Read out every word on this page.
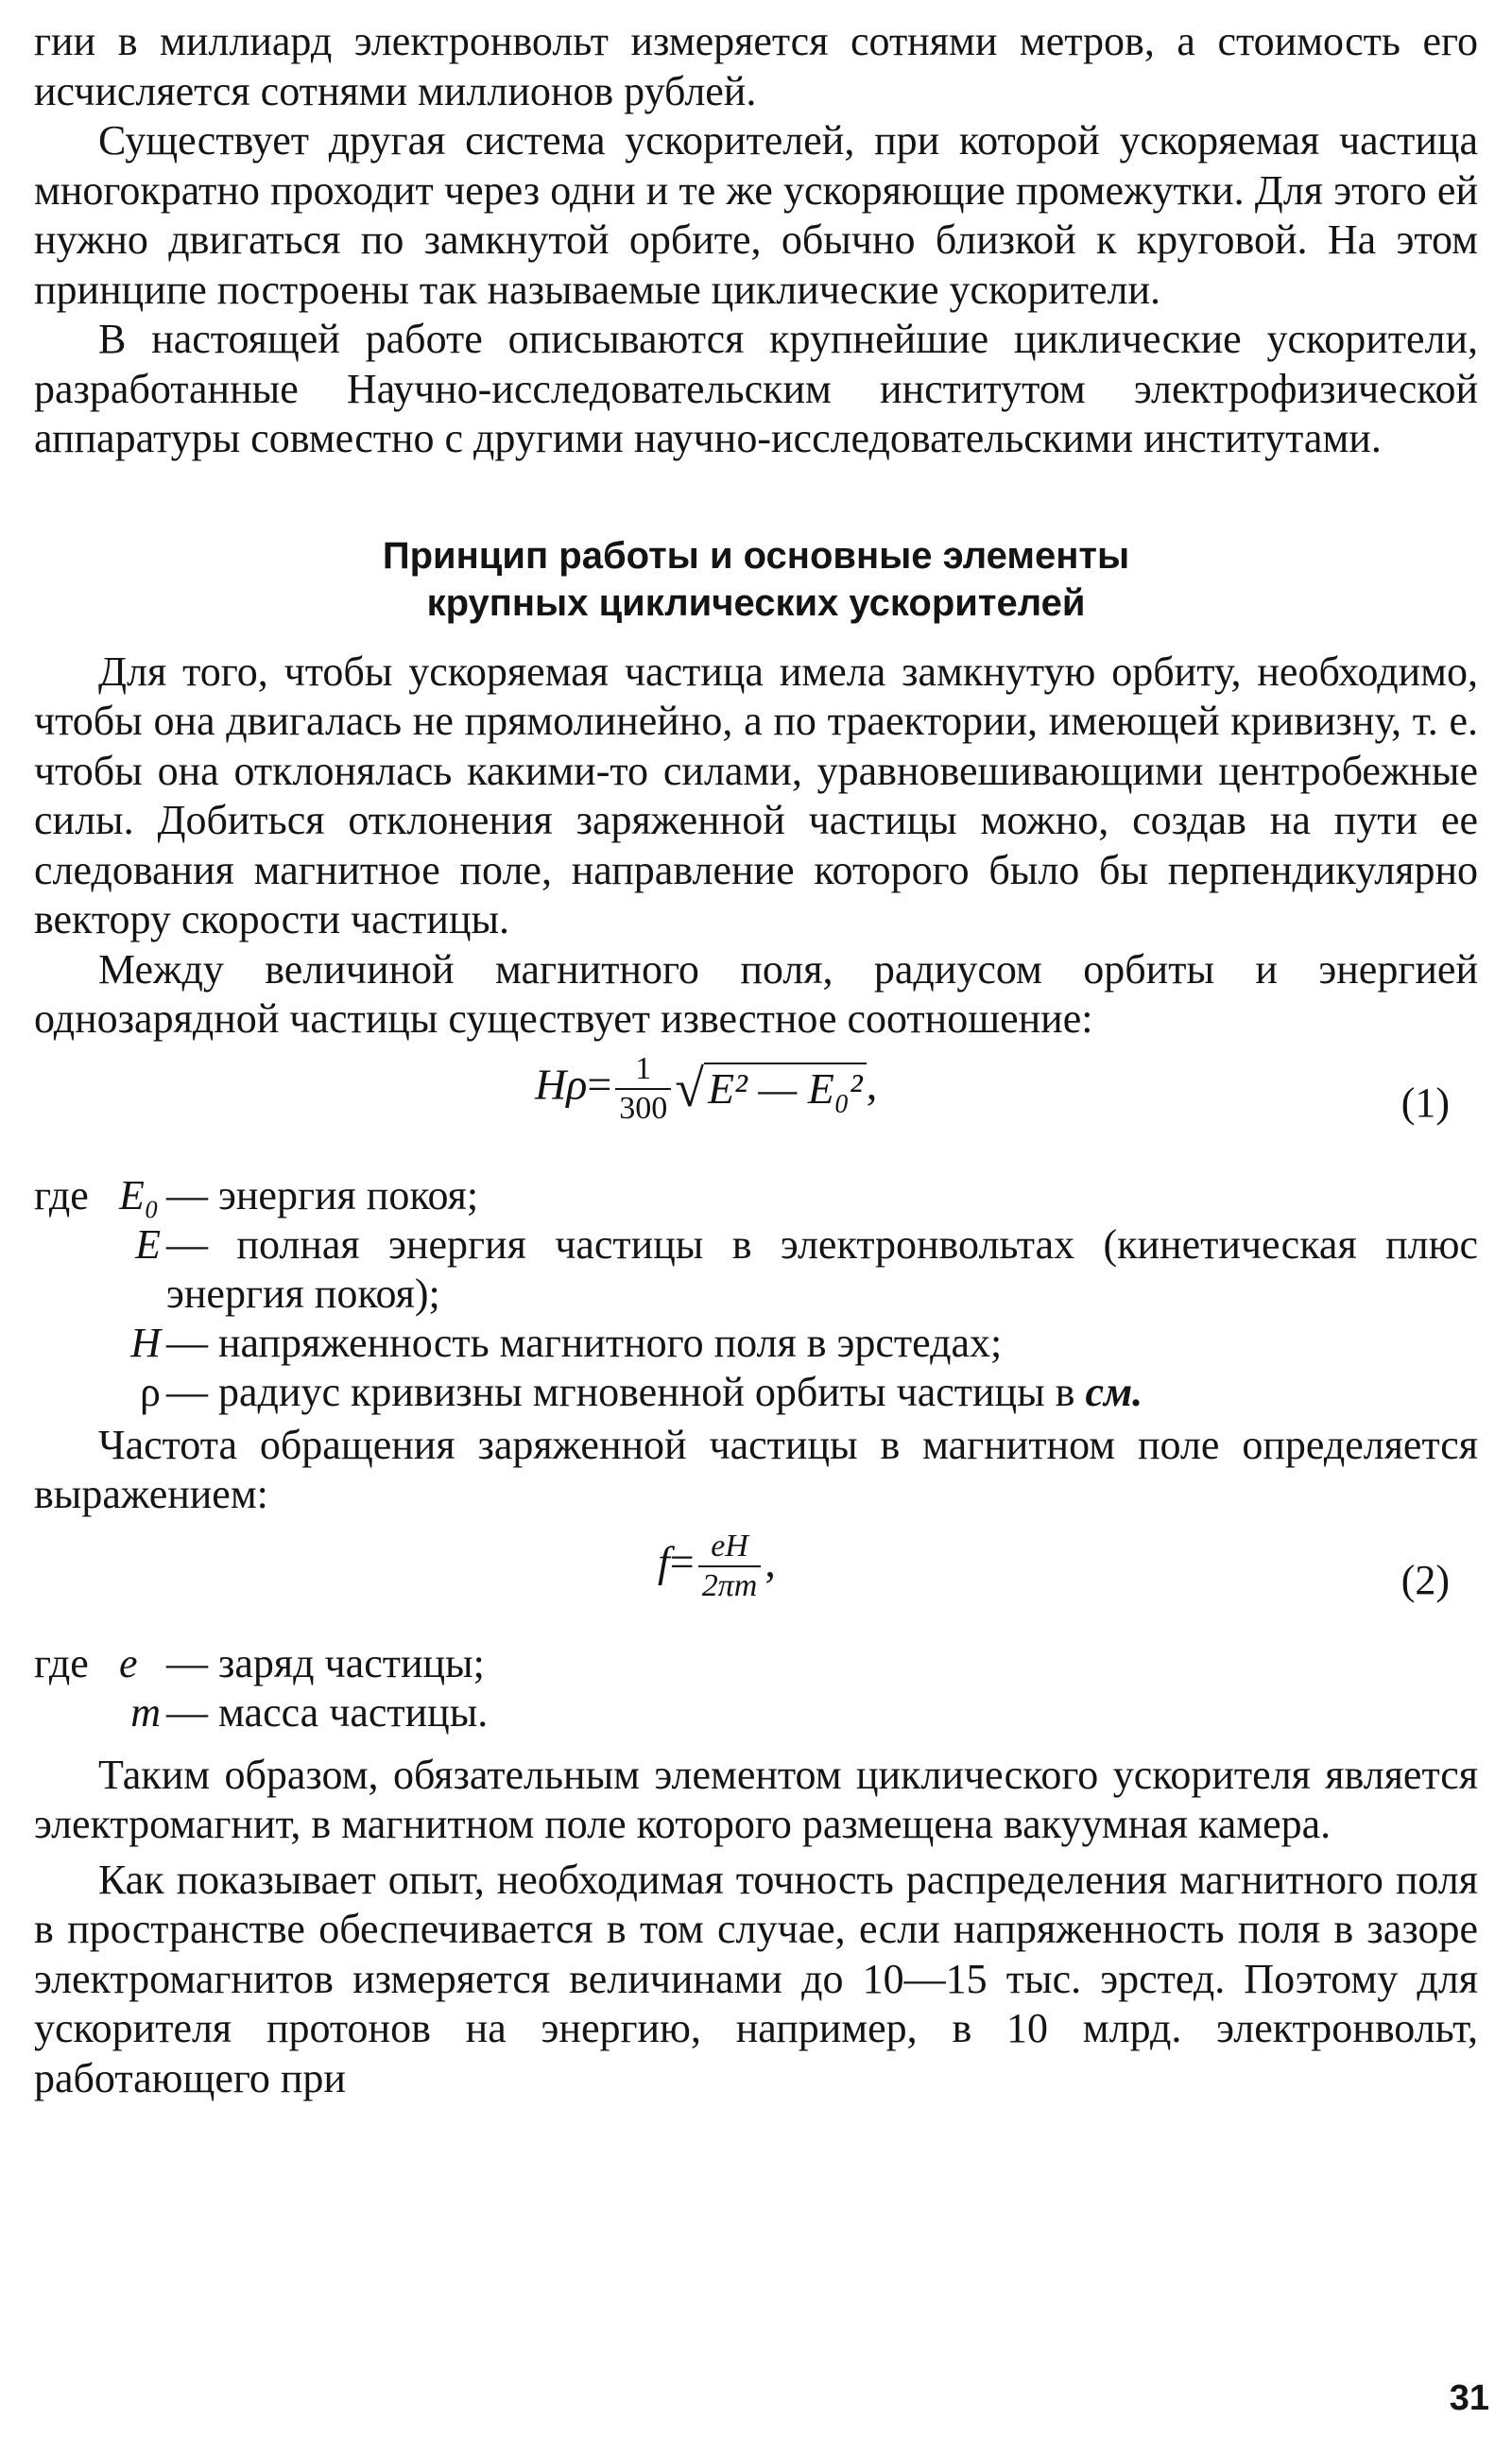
гии в миллиард электронвольт измеряется сотнями метров, а стоимость его исчисляется сотнями миллионов рублей.

Существует другая система ускорителей, при которой ускоряемая частица многократно проходит через одни и те же ускоряющие промежутки. Для этого ей нужно двигаться по замкнутой орбите, обычно близкой к круговой. На этом принципе построены так называемые циклические ускорители.

В настоящей работе описываются крупнейшие циклические ускорители, разработанные Научно-исследовательским институтом электрофизической аппаратуры совместно с другими научно-исследовательскими институтами.

Принцип работы и основные элементы

крупных циклических ускорителей

Для того, чтобы ускоряемая частица имела замкнутую орбиту, необходимо, чтобы она двигалась не прямолинейно, а по траектории, имеющей кривизну, т. е. чтобы она отклонялась какими-то силами, уравновешивающими центробежные силы. Добиться отклонения заряженной частицы можно, создав на пути ее следования магнитное поле, направление которого было бы перпендикулярно вектору скорости частицы.

Между величиной магнитного поля, радиусом орбиты и энергией однозарядной частицы существует известное соотношение:

$H\rho= \frac{1}{300} √E^2$ — E₀²,	(1)
где E₀ — энергия покоя;
E — полная энергия частицы в электронвольтах (кинетическая плюс энергия покоя);
H — напряженность магнитного поля в эрстедах;
ρ — радиус кривизны мгновенной орбиты частицы в см.

Частота обращения заряженной частицы в магнитном поле определяется выражением:

$f= \frac{eH}{2\pi m}$ ,	(2)
где e — заряд частицы;
m — масса частицы.

Таким образом, обязательным элементом циклического ускорителя является электромагнит, в магнитном поле которого размещена вакуумная камера.

Как показывает опыт, необходимая точность распределения магнитного поля в пространстве обеспечивается в том случае, если напряженность поля в зазоре электромагнитов измеряется величинами до 10—15 тыс. эрстед. Поэтому для ускорителя протонов на энергию, например, в 10 млрд. электронвольт, работающего при

31
